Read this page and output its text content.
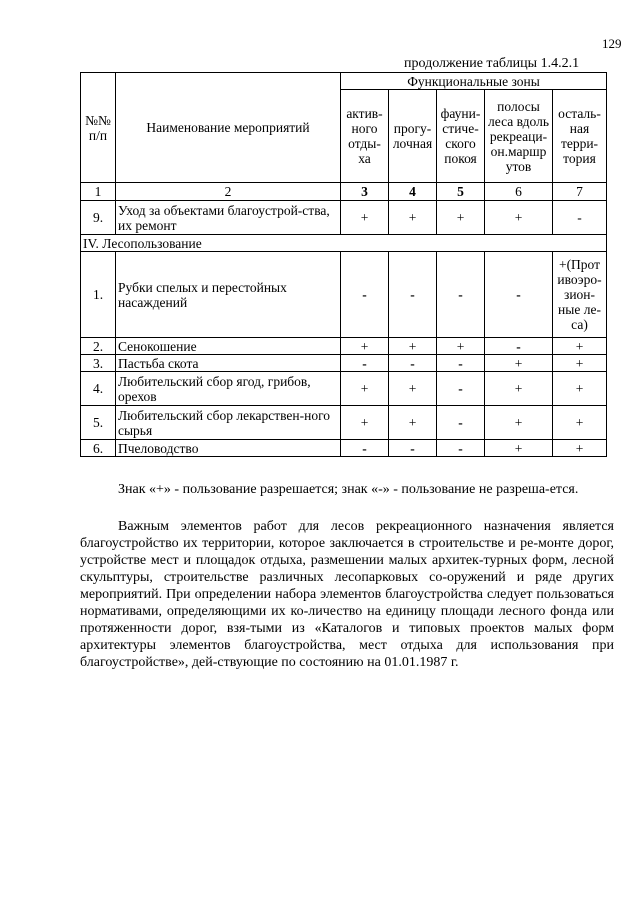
129
продолжение таблицы 1.4.2.1
№№ п/п	Наименование мероприятий	Функциональные зоны				
		актив-ного отды-ха	прогу-лочная	фауни-стиче-ского покоя	полосы леса вдоль рекреаци-он.маршр утов	осталь-ная терри-тория
1	2	3	4	5	6	7
9.	Уход за объектами благоустрой-ства, их ремонт	+	+	+	+	-
IV. Лесопользование						
1.	Рубки спелых и перестойных насаждений	-	-	-	-	+(Прот ивоэро-зион-ные ле-са)
2.	Сенокошение	+	+	+	-	+
3.	Пастьба скота	-	-	-	+	+
4.	Любительский сбор ягод, грибов, орехов	+	+	-	+	+
5.	Любительский сбор лекарствен-ного сырья	+	+	-	+	+
6.	Пчеловодство	-	-	-	+	+

Знак «+» - пользование разрешается; знак «-» - пользование не разреша-ется.

Важным элементов работ для лесов рекреационного назначения является благоустройство их территории, которое заключается в строительстве и ре-монте дорог, устройстве мест и площадок отдыха, размешении малых архитек-турных форм, лесной скульптуры, строительстве различных лесопарковых со-оружений и ряде других мероприятий. При определении набора элементов благоустройства следует пользоваться нормативами, определяющими их ко-личество на единицу площади лесного фонда или протяженности дорог, взя-тыми из «Каталогов и типовых проектов малых форм архитектуры элементов благоустройства, мест отдыха для использования при благоустройстве», дей-ствующие по состоянию на 01.01.1987 г.
